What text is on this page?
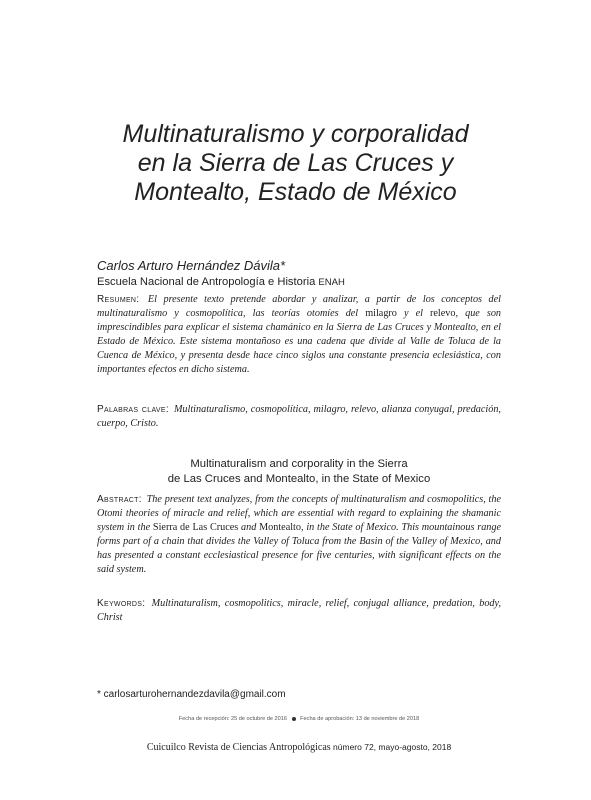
Multinaturalismo y corporalidad
en la Sierra de Las Cruces y
Montealto, Estado de México
Carlos Arturo Hernández Dávila*
Escuela Nacional de Antropología e Historia ENAH
Resumen: El presente texto pretende abordar y analizar, a partir de los conceptos del multinaturalismo y cosmopolítica, las teorías otomíes del milagro y el relevo, que son imprescindibles para explicar el sistema chamánico en la Sierra de Las Cruces y Montealto, en el Estado de México. Este sistema montañoso es una cadena que divide al Valle de Toluca de la Cuenca de México, y presenta desde hace cinco siglos una constante presencia eclesiástica, con importantes efectos en dicho sistema.
Palabras clave: Multinaturalismo, cosmopolítica, milagro, relevo, alianza conyugal, predación, cuerpo, Cristo.
Multinaturalism and corporality in the Sierra
de Las Cruces and Montealto, in the State of Mexico
Abstract: The present text analyzes, from the concepts of multinaturalism and cosmopolitics, the Otomi theories of miracle and relief, which are essential with regard to explaining the shamanic system in the Sierra de Las Cruces and Montealto, in the State of Mexico. This mountainous range forms part of a chain that divides the Valley of Toluca from the Basin of the Valley of Mexico, and has presented a constant ecclesiastical presence for five centuries, with significant effects on the said system.
Keywords: Multinaturalism, cosmopolitics, miracle, relief, conjugal alliance, predation, body, Christ
* carlosarturohernandezdavila@gmail.com
Fecha de recepción: 25 de octubre de 2016 Fecha de aprobación: 13 de noviembre de 2018
Cuicuilco Revista de Ciencias Antropológicas número 72, mayo-agosto, 2018
